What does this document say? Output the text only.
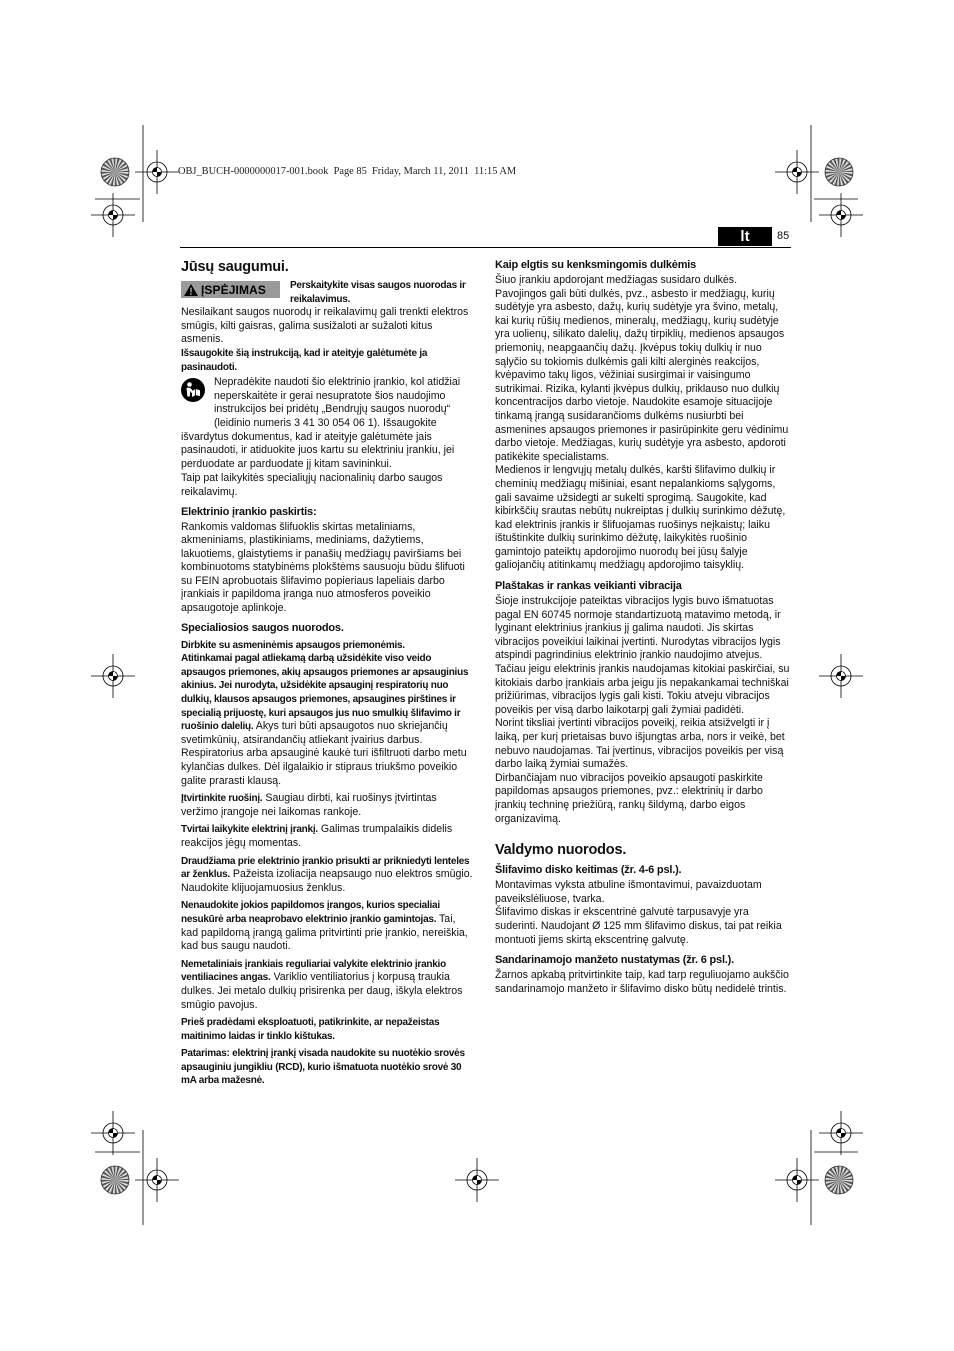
OBJ_BUCH-0000000017-001.book  Page 85  Friday, March 11, 2011  11:15 AM
lt	85
Jūsų saugumui.
ĮSPĖJIMAS Perskaitykite visas saugos nuorodas ir reikalavimus.

Nesilaikant saugos nuorodų ir reikalavimų gali trenkti elektros smūgis, kilti gaisras, galima susižaloti ar sužaloti kitus asmenis.

Išsaugokite šią instrukciją, kad ir ateityje galėtumėte ja pasinaudoti.

Nepradėkite naudoti šio elektrinio įrankio, kol atidžiai neperskaitėte ir gerai nesupratote šios naudojimo instrukcijos bei pridėtų „Bendrųjų saugos nuorodų“ (leidinio numeris 3 41 30 054 06 1). Išsaugokite išvardytus dokumentus, kad ir ateityje galėtumėte jais pasinaudoti, ir atiduokite juos kartu su elektriniu įrankiu, jei perduodate ar parduodate jį kitam savininkui.

Taip pat laikykitės specialiųjų nacionalinių darbo saugos reikalavimų.

Elektrinio įrankio paskirtis:

Rankomis valdomas šlifuoklis skirtas metaliniams, akmeniniams, plastikiniams, mediniams, dažytiems, lakuotiems, glaistytiems ir panašių medžiagų paviršiams bei kombinuotoms statybinėms plokštėms sausuoju būdu šlifuoti su FEIN aprobuotais šlifavimo popieriaus lapeliais darbo įrankiais ir papildoma įranga nuo atmosferos poveikio apsaugotoje aplinkoje.

Specialiosios saugos nuorodos.

Dirbkite su asmeninėmis apsaugos priemonėmis.
Atitinkamai pagal atliekamą darbą užsidėkite viso veido apsaugos priemones, akių apsaugos priemones ar apsauginius akinius. Jei nurodyta, užsidėkite apsauginį respiratorių nuo dulkių, klausos apsaugos priemones, apsaugines pirštines ir specialią prijuostę, kuri apsaugos jus nuo smulkių šlifavimo ir ruošinio dalelių. Akys turi būti apsaugotos nuo skriejančių svetimkūnių, atsirandančių atliekant įvairius darbus. Respiratorius arba apsauginė kaukė turi išfiltruoti darbo metu kylančias dulkes. Dėl ilgalaikio ir stipraus triukšmo poveikio galite prarasti klausą.

Įtvirtinkite ruošinį. Saugiau dirbti, kai ruošinys įtvirtintas veržimo įrangoje nei laikomas rankoje.

Tvirtai laikykite elektrinį įrankį. Galimas trumpalaikis didelis reakcijos jėgų momentas.

Draudžiama prie elektrinio įrankio prisukti ar prikniedyti lenteles ar ženklus. Pažeista izoliacija neapsaugo nuo elektros smūgio. Naudokite klijuojamuosius ženklus.

Nenaudokite jokios papildomos įrangos, kurios specialiai nesukūrė arba neaprobavo elektrinio įrankio gamintojas. Tai, kad papildomą įrangą galima pritvirtinti prie įrankio, nereiškia, kad bus saugu naudoti.

Nemetaliniais įrankiais reguliariai valykite elektrinio įrankio ventiliacines angas. Variklio ventiliatorius į korpusą traukia dulkes. Jei metalo dulkių prisirenka per daug, iškyla elektros smūgio pavojus.

Prieš pradėdami eksploatuoti, patikrinkite, ar nepažeistas maitinimo laidas ir tinklo kištukas.

Patarimas: elektrinį įrankį visada naudokite su nuotėkio srovės apsauginiu jungikliu (RCD), kurio išmatuota nuotėkio srovė 30 mA arba mažesnė.

Kaip elgtis su kenksmingomis dulkėmis

Šiuo įrankiu apdorojant medžiagas susidaro dulkės. Pavojingos gali būti dulkės, pvz., asbesto ir medžiagų, kurių sudėtyje yra asbesto, dažų, kurių sudėtyje yra švino, metalų, kai kurių rūšių medienos, mineralų, medžiagų, kurių sudėtyje yra uolienų, silikato dalelių, dažų tirpiklių, medienos apsaugos priemonių, neapgaančių dažų. Įkvėpus tokių dulkių ir nuo sąlyčio su tokiomis dulkėmis gali kilti alerginės reakcijos, kvėpavimo takų ligos, vėžiniai susirgimai ir vaisingumo sutrikimai. Rizika, kylanti įkvėpus dulkių, priklauso nuo dulkių koncentracijos darbo vietoje. Naudokite esamoje situacijoje tinkamą įrangą susidarančioms dulkėms nusiurbti bei asmenines apsaugos priemones ir pasirūpinkite geru vėdinimu darbo vietoje. Medžiagas, kurių sudėtyje yra asbesto, apdoroti patikėkite specialistams.

Medienos ir lengvųjų metalų dulkės, karšti šlifavimo dulkių ir cheminių medžiagų mišiniai, esant nepalankioms sąlygoms, gali savaime užsidegti ar sukelti sprogimą. Saugokite, kad kibirkščių srautas nebūtų nukreiptas į dulkių surinkimo dėžutę, kad elektrinis įrankis ir šlifuojamas ruošinys neįkaistų; laiku ištuštinkite dulkių surinkimo dėžutę, laikykitės ruošinio gamintojo pateiktų apdorojimo nuorodų bei jūsų šalyje galiojančių atitinkamų medžiagų apdorojimo taisyklių.

Plaštakas ir rankas veikianti vibracija

Šioje instrukcijoje pateiktas vibracijos lygis buvo išmatuotas pagal EN 60745 normoje standartizuotą matavimo metodą, ir lyginant elektrinius įrankius jį galima naudoti. Jis skirtas vibracijos poveikiui laikinai įvertinti. Nurodytas vibracijos lygis atspindi pagrindinius elektrinio įrankio naudojimo atvejus. Tačiau jeigu elektrinis įrankis naudojamas kitokiai paskirčiai, su kitokiais darbo įrankiais arba jeigu jis nepakankamai techniškai prižiūrimas, vibracijos lygis gali kisti. Tokiu atveju vibracijos poveikis per visą darbo laikotarpį gali žymiai padidėti.

Norint tiksliai įvertinti vibracijos poveikį, reikia atsižvelgti ir į laiką, per kurį prietaisas buvo išjungtas arba, nors ir veikė, bet nebuvo naudojamas. Tai įvertinus, vibracijos poveikis per visą darbo laiką žymiai sumažės.

Dirbančiajam nuo vibracijos poveikio apsaugoti paskirkite papildomas apsaugos priemones, pvz.: elektrinių ir darbo įrankių techninę priežiūrą, rankų šildymą, darbo eigos organizavimą.

Valdymo nuorodos.
Šlifavimo disko keitimas (žr. 4-6 psl.).

Montavimas vyksta atbuline išmontavimui, pavaizduotam paveikslėliuose, tvarka.

Šlifavimo diskas ir ekscentrinė galvutė tarpusavyje yra suderinti. Naudojant Ø 125 mm šlifavimo diskus, tai pat reikia montuoti jiems skirtą ekscentrinę galvutę.

Sandarinamojo manžeto nustatymas (žr. 6 psl.).

Žarnos apkabą pritvirtinkite taip, kad tarp reguliuojamo aukščio sandarinamojo manžeto ir šlifavimo disko būtų nedidelė trintis.
